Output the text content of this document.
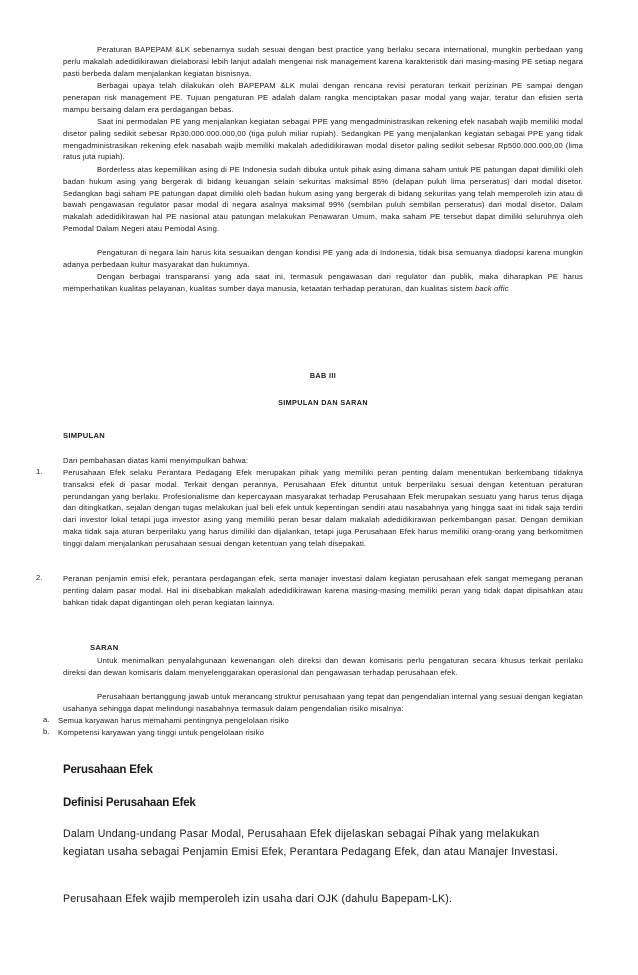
Peraturan BAPEPAM &LK sebenarnya sudah sesuai dengan best practice yang berlaku secara international, mungkin perbedaan yang perlu makalah adedidikirawan dielaborasi lebih lanjut adalah mengenai risk management karena karakteristik dari masing-masing PE setiap negara pasti berbeda dalam menjalankan kegiatan bisnisnya.

Berbagai upaya telah dilakukan oleh BAPEPAM &LK mulai dengan rencana revisi peraturan terkait perizinan PE sampai dengan penerapan risk management PE. Tujuan pengaturan PE adalah dalam rangka menciptakan pasar modal yang wajar, teratur dan efisien serta mampu bersaing dalam era perdagangan bebas.

Saat ini permodalan PE yang menjalankan kegiatan sebagai PPE yang mengadministrasikan rekening efek nasabah wajib memiliki modal disetor paling sedikit sebesar Rp30.000.000.000,00 (tiga puluh miliar rupiah). Sedangkan PE yang menjalankan kegiatan sebagai PPE yang tidak mengadministrasikan rekening efek nasabah wajib memiliki makalah adedidikirawan modal disetor paling sedikit sebesar Rp500.000.000,00 (lima ratus juta rupiah).

Borderless atas kepemilikan asing di PE Indonesia sudah dibuka untuk pihak asing dimana saham untuk PE patungan dapat dimiliki oleh badan hukum asing yang bergerak di bidang keuangan selain sekuritas maksimal 85% (delapan puluh lima perseratus) dari modal disetor. Sedangkan bagi saham PE patungan dapat dimiliki oleh badan hukum asing yang bergerak di bidang sekuritas yang telah memperoleh izin atau di bawah pengawasan regulator pasar modal di negara asalnya maksimal 99% (sembilan puluh sembilan perseratus) dari modal disetor. Dalam makalah adedidikirawan hal PE nasional atau patungan melakukan Penawaran Umum, maka saham PE tersebut dapat dimiliki seluruhnya oleh Pemodal Dalam Negeri atau Pemodal Asing.

Pengaturan di negara lain harus kita sesuaikan dengan kondisi PE yang ada di Indonesia, tidak bisa semuanya diadopsi karena mungkin adanya perbedaan kultur masyarakat dan hukumnya.

Dengan berbagai transparansi yang ada saat ini, termasuk pengawasan dari regulator dan publik, maka diharapkan PE harus memperhatikan kualitas pelayanan, kualitas sumber daya manusia, ketaatan terhadap peraturan, dan kualitas sistem back offic

BAB III
SIMPULAN DAN SARAN
SIMPULAN

Dari pembahasan diatas kami menyimpulkan bahwa:

1.	Perusahaan Efek selaku Perantara Pedagang Efek merupakan pihak yang memiliki peran penting dalam menentukan berkembang tidaknya transaksi efek di pasar modal. Terkait dengan perannya, Perusahaan Efek dituntut untuk berperilaku sesuai dengan ketentuan peraturan perundangan yang berlaku. Profesionalisme dan kepercayaan masyarakat terhadap Perusahaan Efek merupakan sesuatu yang harus terus dijaga dan ditingkatkan, sejalan dengan tugas melakukan jual beli efek untuk kepentingan sendiri atau nasabahnya yang hingga saat ini tidak saja terdiri dari investor lokal tetapi juga investor asing yang memiliki peran besar dalam makalah adedidikirawan perkembangan pasar. Dengan demikian maka tidak saja aturan berperilaku yang harus dimiliki dan dijalankan, tetapi juga Perusahaan Efek harus memiliki orang-orang yang berkomitmen tinggi dalam menjalankan perusahaan sesuai dengan ketentuan yang telah disepakati.

2.	Peranan penjamin emisi efek, perantara perdagangan efek, serta manajer investasi dalam kegiatan perusahaan efek sangat memegang peranan penting dalam pasar modal. Hal ini disebabkan makalah adedidikirawan karena masing-masing memiliki peran yang tidak dapat dipisahkan atau bahkan tidak dapat digantingan oleh peran kegiatan lainnya.

SARAN

Untuk menimalkan penyalahgunaan kewenangan oleh direksi dan dewan komisaris perlu pengaturan secara khusus terkait perilaku direksi dan dewan komisaris dalam menyelenggarakan operasional dan pengawasan terhadap perusahaan efek.

Perusahaan bertanggung jawab untuk merancang struktur perusahaan yang tepat dan pengendalian internal yang sesuai dengan kegiatan usahanya sehingga dapat melindungi nasabahnya termasuk dalam pengendalian risiko misalnya:

a. Semua karyawan harus memahami pentingnya pengelolaan risiko

b. Kompetensi karyawan yang tinggi untuk pengelolaan risiko

Perusahaan Efek
Definisi Perusahaan Efek

Dalam Undang-undang Pasar Modal, Perusahaan Efek dijelaskan sebagai Pihak yang melakukan kegiatan usaha sebagai Penjamin Emisi Efek, Perantara Pedagang Efek, dan atau Manajer Investasi.

Perusahaan Efek wajib memperoleh izin usaha dari OJK (dahulu Bapepam-LK).
